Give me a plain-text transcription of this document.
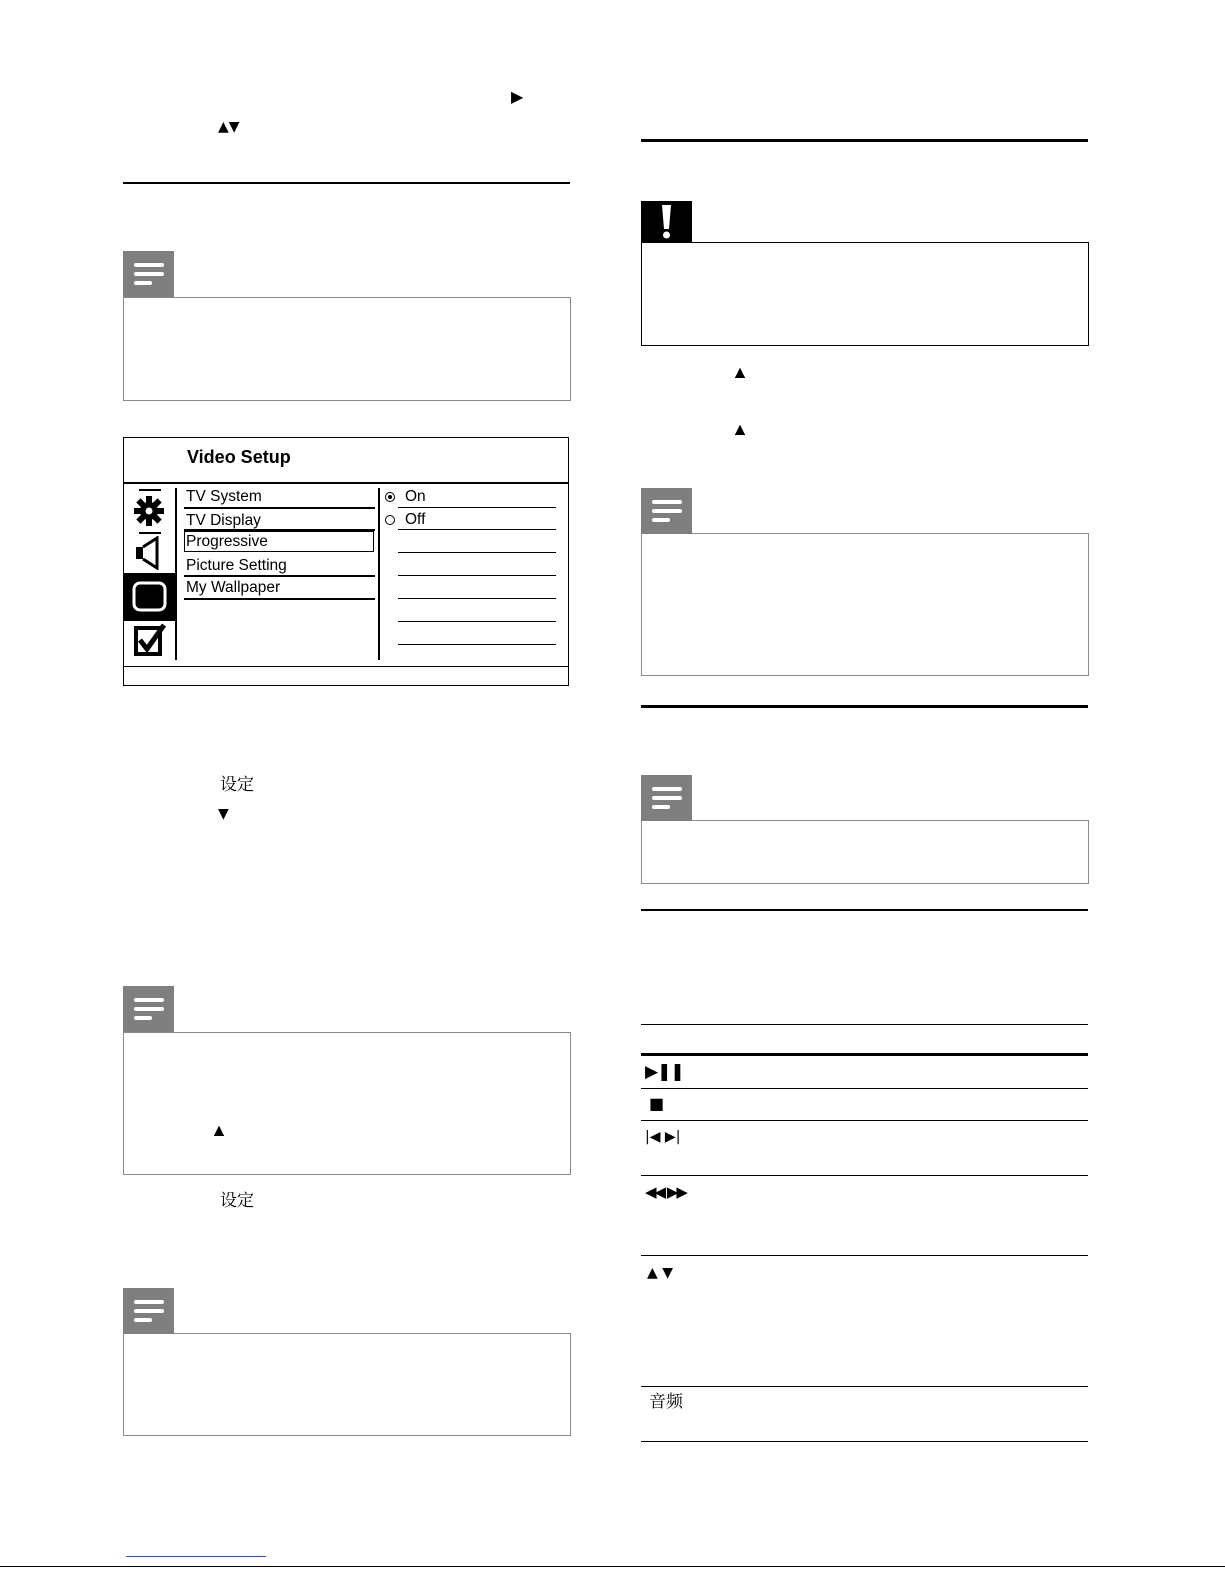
▶
▲▼
Video Setup
TV System
TV Display
Progressive
Picture Setting
My Wallpaper
On
Off
设定
▼
▲
设定
▲
▲
▶❚❚
■
|◀ ▶|
◀◀ ▶▶
▲ ▼
音频
